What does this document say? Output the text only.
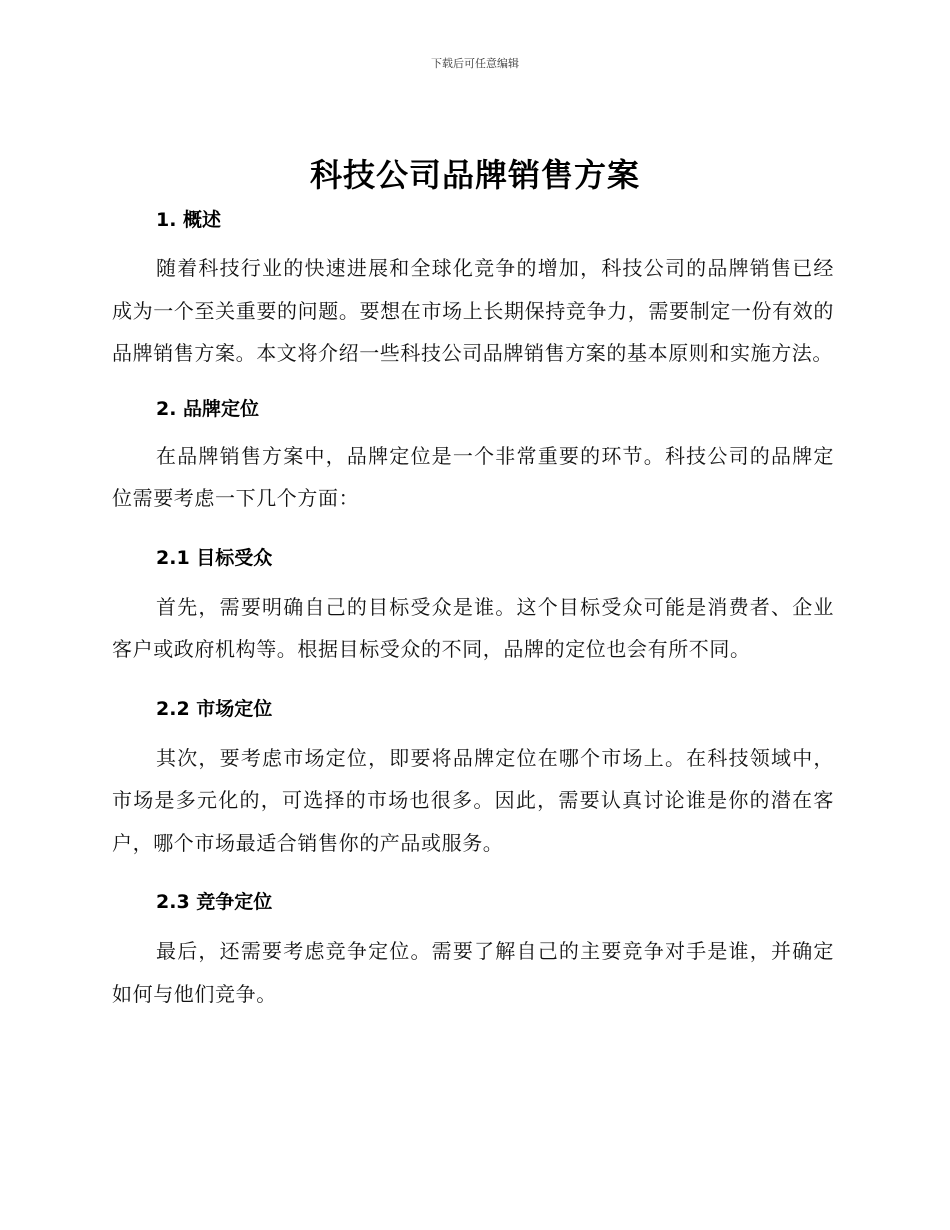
下载后可任意编辑
科技公司品牌销售方案
1. 概述

随着科技行业的快速进展和全球化竞争的增加，科技公司的品牌销售已经成为一个至关重要的问题。要想在市场上长期保持竞争力，需要制定一份有效的品牌销售方案。本文将介绍一些科技公司品牌销售方案的基本原则和实施方法。

2. 品牌定位

在品牌销售方案中，品牌定位是一个非常重要的环节。科技公司的品牌定位需要考虑一下几个方面：

2.1 目标受众

首先，需要明确自己的目标受众是谁。这个目标受众可能是消费者、企业客户或政府机构等。根据目标受众的不同，品牌的定位也会有所不同。

2.2 市场定位

其次，要考虑市场定位，即要将品牌定位在哪个市场上。在科技领域中，市场是多元化的，可选择的市场也很多。因此，需要认真讨论谁是你的潜在客户，哪个市场最适合销售你的产品或服务。

2.3 竞争定位

最后，还需要考虑竞争定位。需要了解自己的主要竞争对手是谁，并确定如何与他们竞争。
